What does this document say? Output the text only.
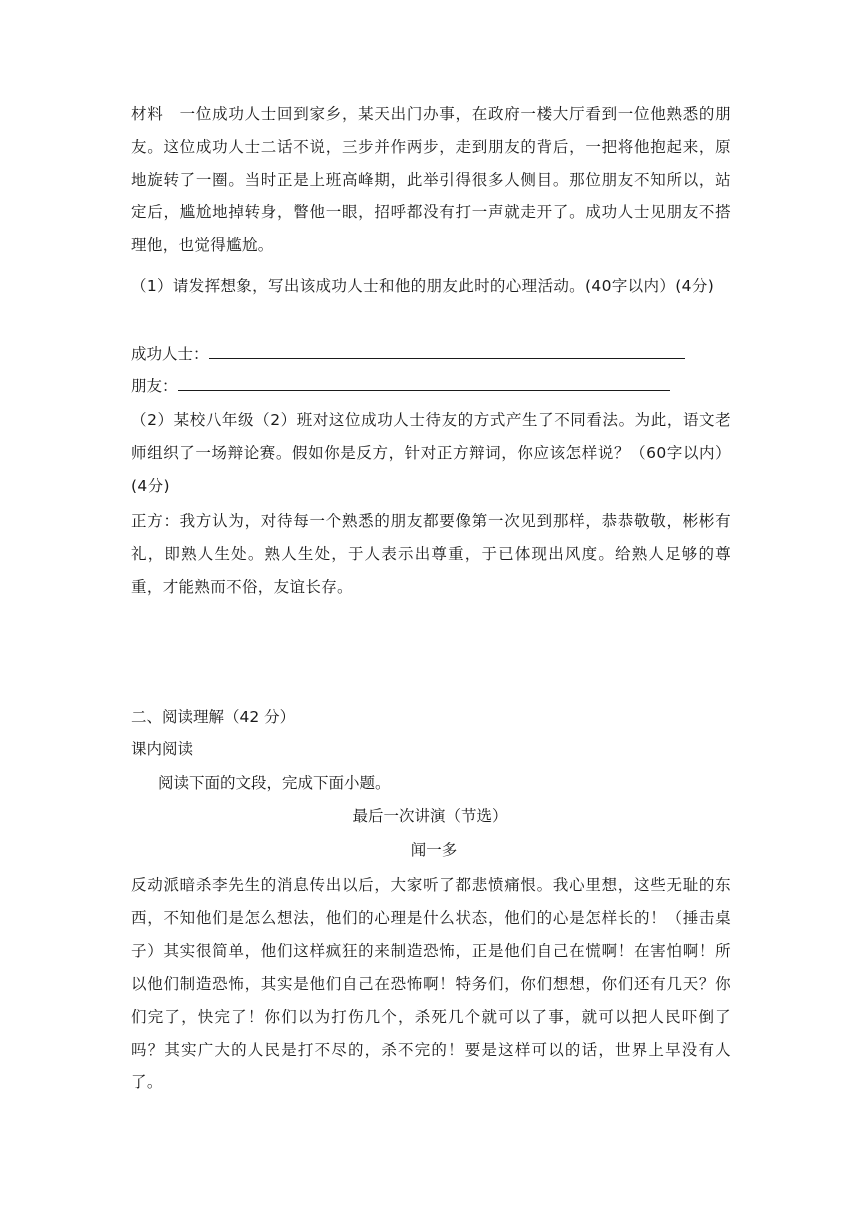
材料　一位成功人士回到家乡，某天出门办事，在政府一楼大厅看到一位他熟悉的朋友。这位成功人士二话不说，三步并作两步，走到朋友的背后，一把将他抱起来，原地旋转了一圈。当时正是上班高峰期，此举引得很多人侧目。那位朋友不知所以，站定后，尴尬地掉转身，瞥他一眼，招呼都没有打一声就走开了。成功人士见朋友不搭理他，也觉得尴尬。
（1）请发挥想象，写出该成功人士和他的朋友此时的心理活动。(40字以内）(4分)
成功人士：
朋友：
（2）某校八年级（2）班对这位成功人士待友的方式产生了不同看法。为此，语文老师组织了一场辩论赛。假如你是反方，针对正方辩词，你应该怎样说？（60字以内）(4分)
正方：我方认为，对待每一个熟悉的朋友都要像第一次见到那样，恭恭敬敬，彬彬有礼，即熟人生处。熟人生处，于人表示出尊重，于已体现出风度。给熟人足够的尊重，才能熟而不俗，友谊长存。
二、阅读理解（42 分）
课内阅读
阅读下面的文段，完成下面小题。
最后一次讲演（节选）
闻一多
反动派暗杀李先生的消息传出以后，大家听了都悲愤痛恨。我心里想，这些无耻的东西，不知他们是怎么想法，他们的心理是什么状态，他们的心是怎样长的！（捶击桌子）其实很简单，他们这样疯狂的来制造恐怖，正是他们自己在慌啊！在害怕啊！所以他们制造恐怖，其实是他们自己在恐怖啊！特务们，你们想想，你们还有几天？你们完了，快完了！你们以为打伤几个，杀死几个就可以了事，就可以把人民吓倒了吗？其实广大的人民是打不尽的，杀不完的！要是这样可以的话，世界上早没有人了。
